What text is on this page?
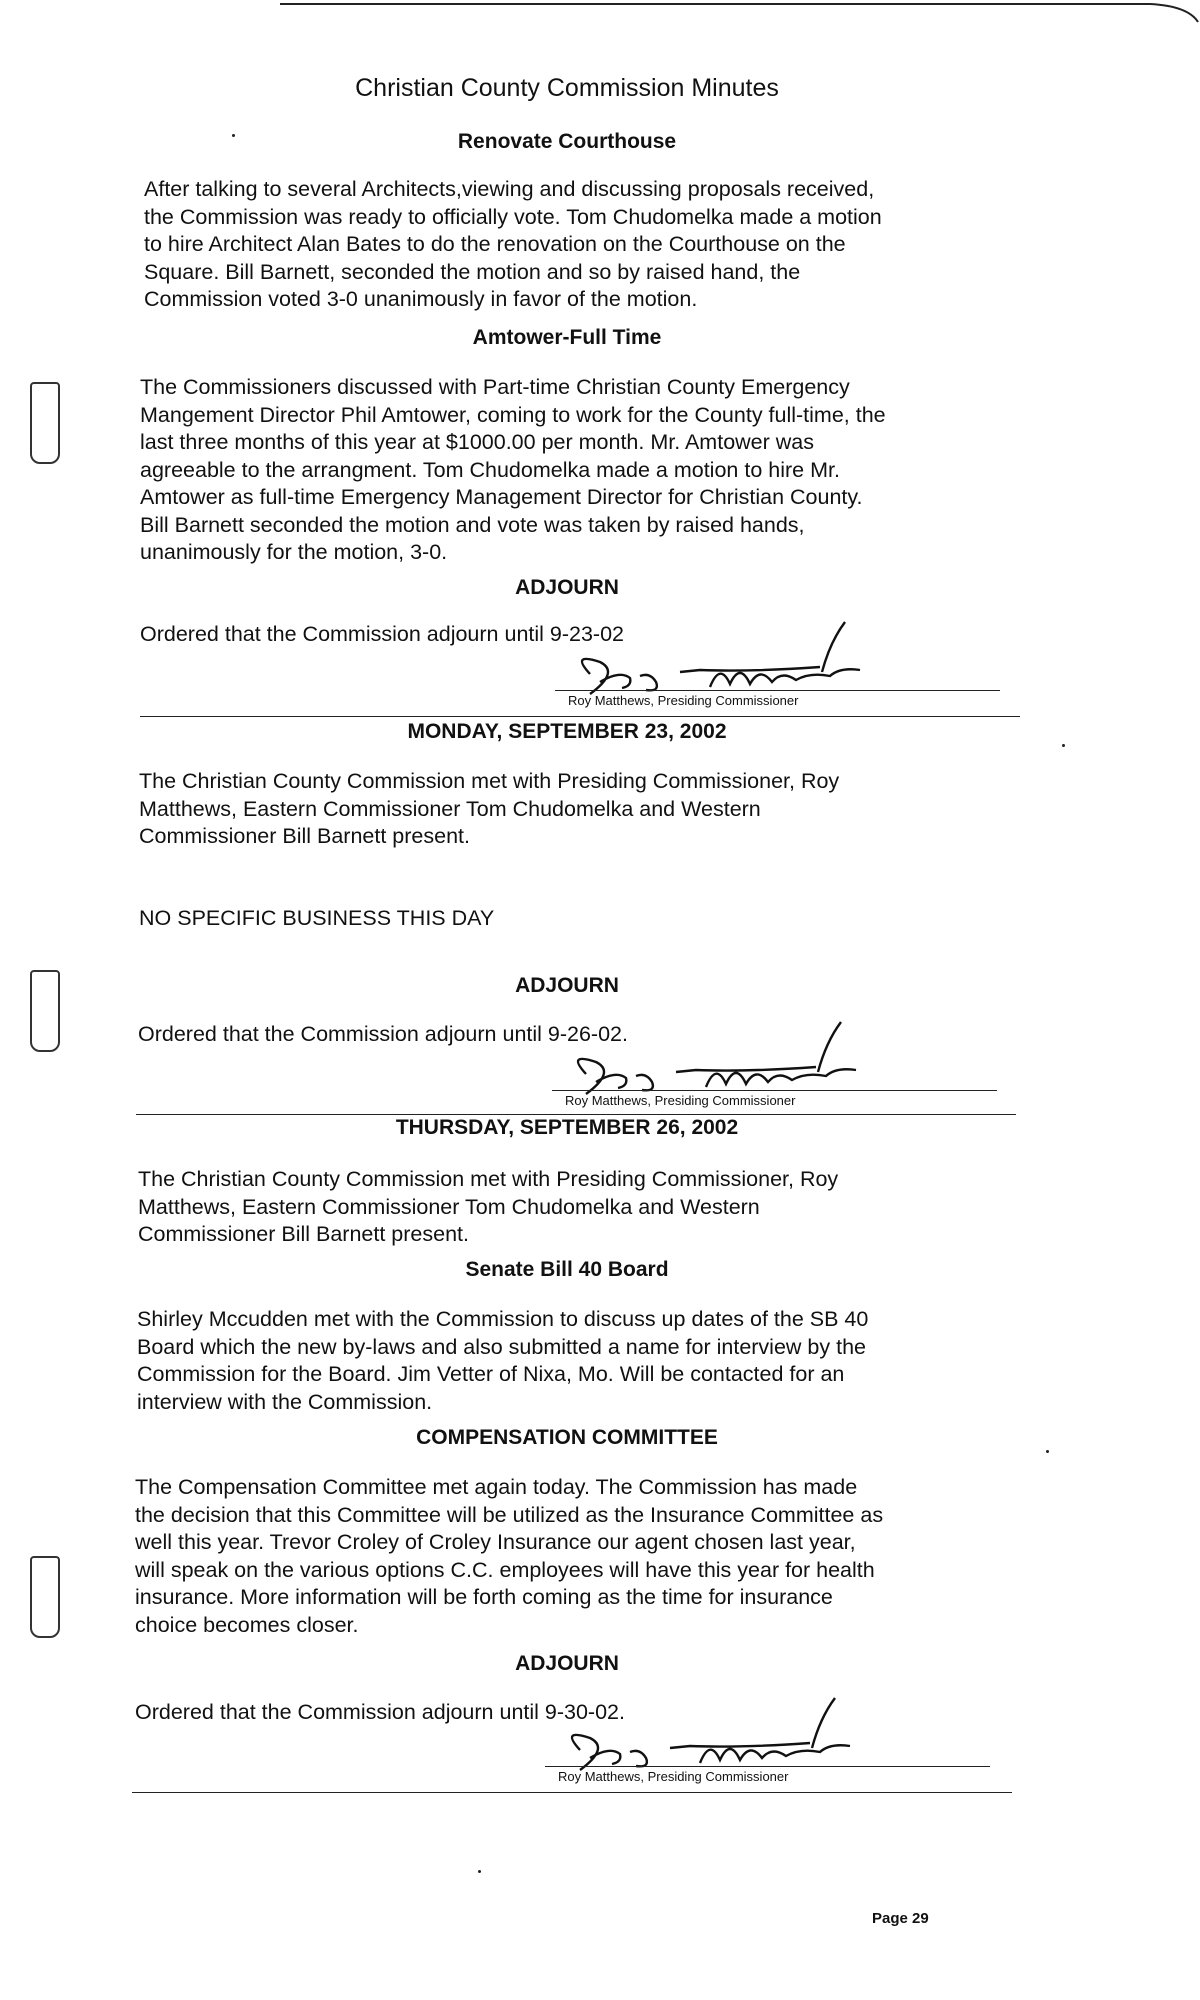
Christian County Commission Minutes
Renovate Courthouse
After talking to several Architects,viewing and discussing proposals received,
the Commission was ready to officially vote. Tom Chudomelka made a motion
to hire Architect Alan Bates to do the renovation on the Courthouse on the
Square. Bill Barnett, seconded the motion and so by raised hand, the
Commission voted 3-0 unanimously in favor of the motion.
Amtower-Full Time
The Commissioners discussed with Part-time Christian County Emergency
Mangement Director Phil Amtower, coming to work for the County full-time, the
last three months of this year at $1000.00 per month. Mr. Amtower was
agreeable to the arrangment. Tom Chudomelka made a motion to hire Mr.
Amtower as full-time Emergency Management Director for Christian County.
Bill Barnett seconded the motion and vote was taken by raised hands,
unanimously for the motion, 3-0.
ADJOURN
Ordered that the Commission adjourn until 9-23-02
Roy Matthews, Presiding Commissioner
MONDAY, SEPTEMBER 23, 2002
The Christian County Commission met with Presiding Commissioner, Roy
Matthews, Eastern Commissioner Tom Chudomelka and Western
Commissioner Bill Barnett present.
NO SPECIFIC BUSINESS THIS DAY
ADJOURN
Ordered that the Commission adjourn until 9-26-02.
Roy Matthews, Presiding Commissioner
THURSDAY, SEPTEMBER 26, 2002
The Christian County Commission met with Presiding Commissioner, Roy
Matthews, Eastern Commissioner Tom Chudomelka and Western
Commissioner Bill Barnett present.
Senate Bill 40 Board
Shirley Mccudden met with the Commission to discuss up dates of the SB 40
Board which the new by-laws and also submitted a name for interview by the
Commission for the Board. Jim Vetter of Nixa, Mo. Will be contacted for an
interview with the Commission.
COMPENSATION COMMITTEE
The Compensation Committee met again today. The Commission has made
the decision that this Committee will be utilized as the Insurance Committee as
well this year. Trevor Croley of Croley Insurance our agent chosen last year,
will speak on the various options C.C. employees will have this year for health
insurance. More information will be forth coming as the time for insurance
choice becomes closer.
ADJOURN
Ordered that the Commission adjourn until 9-30-02.
Roy Matthews, Presiding Commissioner
Page 29
